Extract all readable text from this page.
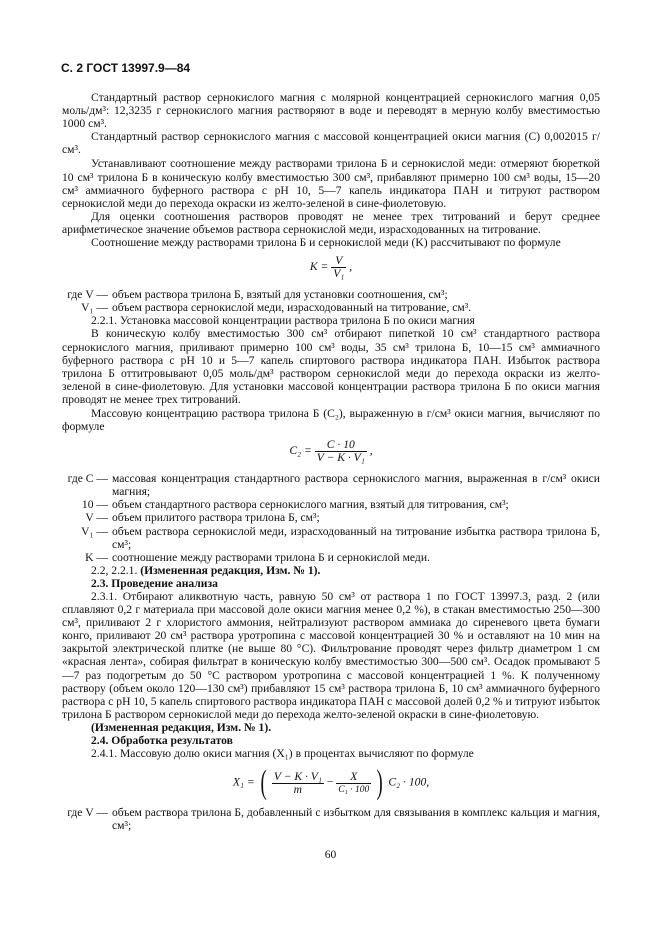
С. 2 ГОСТ 13997.9—84

Стандартный раствор сернокислого магния с молярной концентрацией сернокислого магния 0,05 моль/дм³: 12,3235 г сернокислого магния растворяют в воде и переводят в мерную колбу вместимостью 1000 см³.

Стандартный раствор сернокислого магния с массовой концентрацией окиси магния (C) 0,002015 г/см³.

Устанавливают соотношение между растворами трилона Б и сернокислой меди: отмеряют бюреткой 10 см³ трилона Б в коническую колбу вместимостью 300 см³, прибавляют примерно 100 см³ воды, 15—20 см³ аммиачного буферного раствора с pH 10, 5—7 капель индикатора ПАН и титруют раствором сернокислой меди до перехода окраски из желто-зеленой в сине-фиолетовую.

Для оценки соотношения растворов проводят не менее трех титрований и берут среднее арифметическое значение объемов раствора сернокислой меди, израсходованных на титрование.

Соотношение между растворами трилона Б и сернокислой меди (K) рассчитывают по формуле

$K = \frac{V}{\text{V₁}}$ ,
где V — объем раствора трилона Б, взятый для установки соотношения, см³;
V₁ — объем раствора сернокислой меди, израсходованный на титрование, см³.

2.2.1. Установка массовой концентрации раствора трилона Б по окиси магния

В коническую колбу вместимостью 300 см³ отбирают пипеткой 10 см³ стандартного раствора сернокислого магния, приливают примерно 100 см³ воды, 35 см³ трилона Б, 10—15 см³ аммиачного буферного раствора с pH 10 и 5—7 капель спиртового раствора индикатора ПАН. Избыток раствора трилона Б оттитровывают 0,05 моль/дм³ раствором сернокислой меди до перехода окраски из желто-зеленой в сине-фиолетовую. Для установки массовой концентрации раствора трилона Б по окиси магния проводят не менее трех титрований.

Массовую концентрацию раствора трилона Б (C₂), выраженную в г/см³ окиси магния, вычисляют по формуле

$C_2 = \frac{C \cdot 10}{\text{V − K · V₁}}$ ,
где C — массовая концентрация стандартного раствора сернокислого магния, выраженная в г/см³ окиси магния;
10 — объем стандартного раствора сернокислого магния, взятый для титрования, см³;
V — объем прилитого раствора трилона Б, см³;
V₁ — объем раствора сернокислой меди, израсходованный на титрование избытка раствора трилона Б, см³;
K — соотношение между растворами трилона Б и сернокислой меди.

2.2, 2.2.1. (Измененная редакция, Изм. № 1).

2.3. Проведение анализа

2.3.1. Отбирают аликвотную часть, равную 50 см³ от раствора 1 по ГОСТ 13997.3, разд. 2 (или сплавляют 0,2 г материала при массовой доле окиси магния менее 0,2 %), в стакан вместимостью 250—300 см³, приливают 2 г хлористого аммония, нейтрализуют раствором аммиака до сиреневого цвета бумаги конго, приливают 20 см³ раствора уротропина с массовой концентрацией 30 % и оставляют на 10 мин на закрытой электрической плитке (не выше 80 °C). Фильтрование проводят через фильтр диаметром 1 см «красная лента», собирая фильтрат в коническую колбу вместимостью 300—500 см³. Осадок промывают 5—7 раз подогретым до 50 °C раствором уротропина с массовой концентрацией 1 %. К полученному раствору (объем около 120—130 см³) прибавляют 15 см³ раствора трилона Б, 10 см³ аммиачного буферного раствора с pH 10, 5 капель спиртового раствора индикатора ПАН с массовой долей 0,2 % и титруют избыток трилона Б раствором сернокислой меди до перехода желто-зеленой окраски в сине-фиолетовую.

(Измененная редакция, Изм. № 1).

2.4. Обработка результатов

2.4.1. Массовую долю окиси магния (X₁) в процентах вычисляют по формуле

X₁ = ( $\frac{\text{V − K · V₁}}{m} - \frac{X}{\text{C₁ · 100}}$ ) C₂ · 100,
где V — объем раствора трилона Б, добавленный с избытком для связывания в комплекс кальция и магния, см³;
60
